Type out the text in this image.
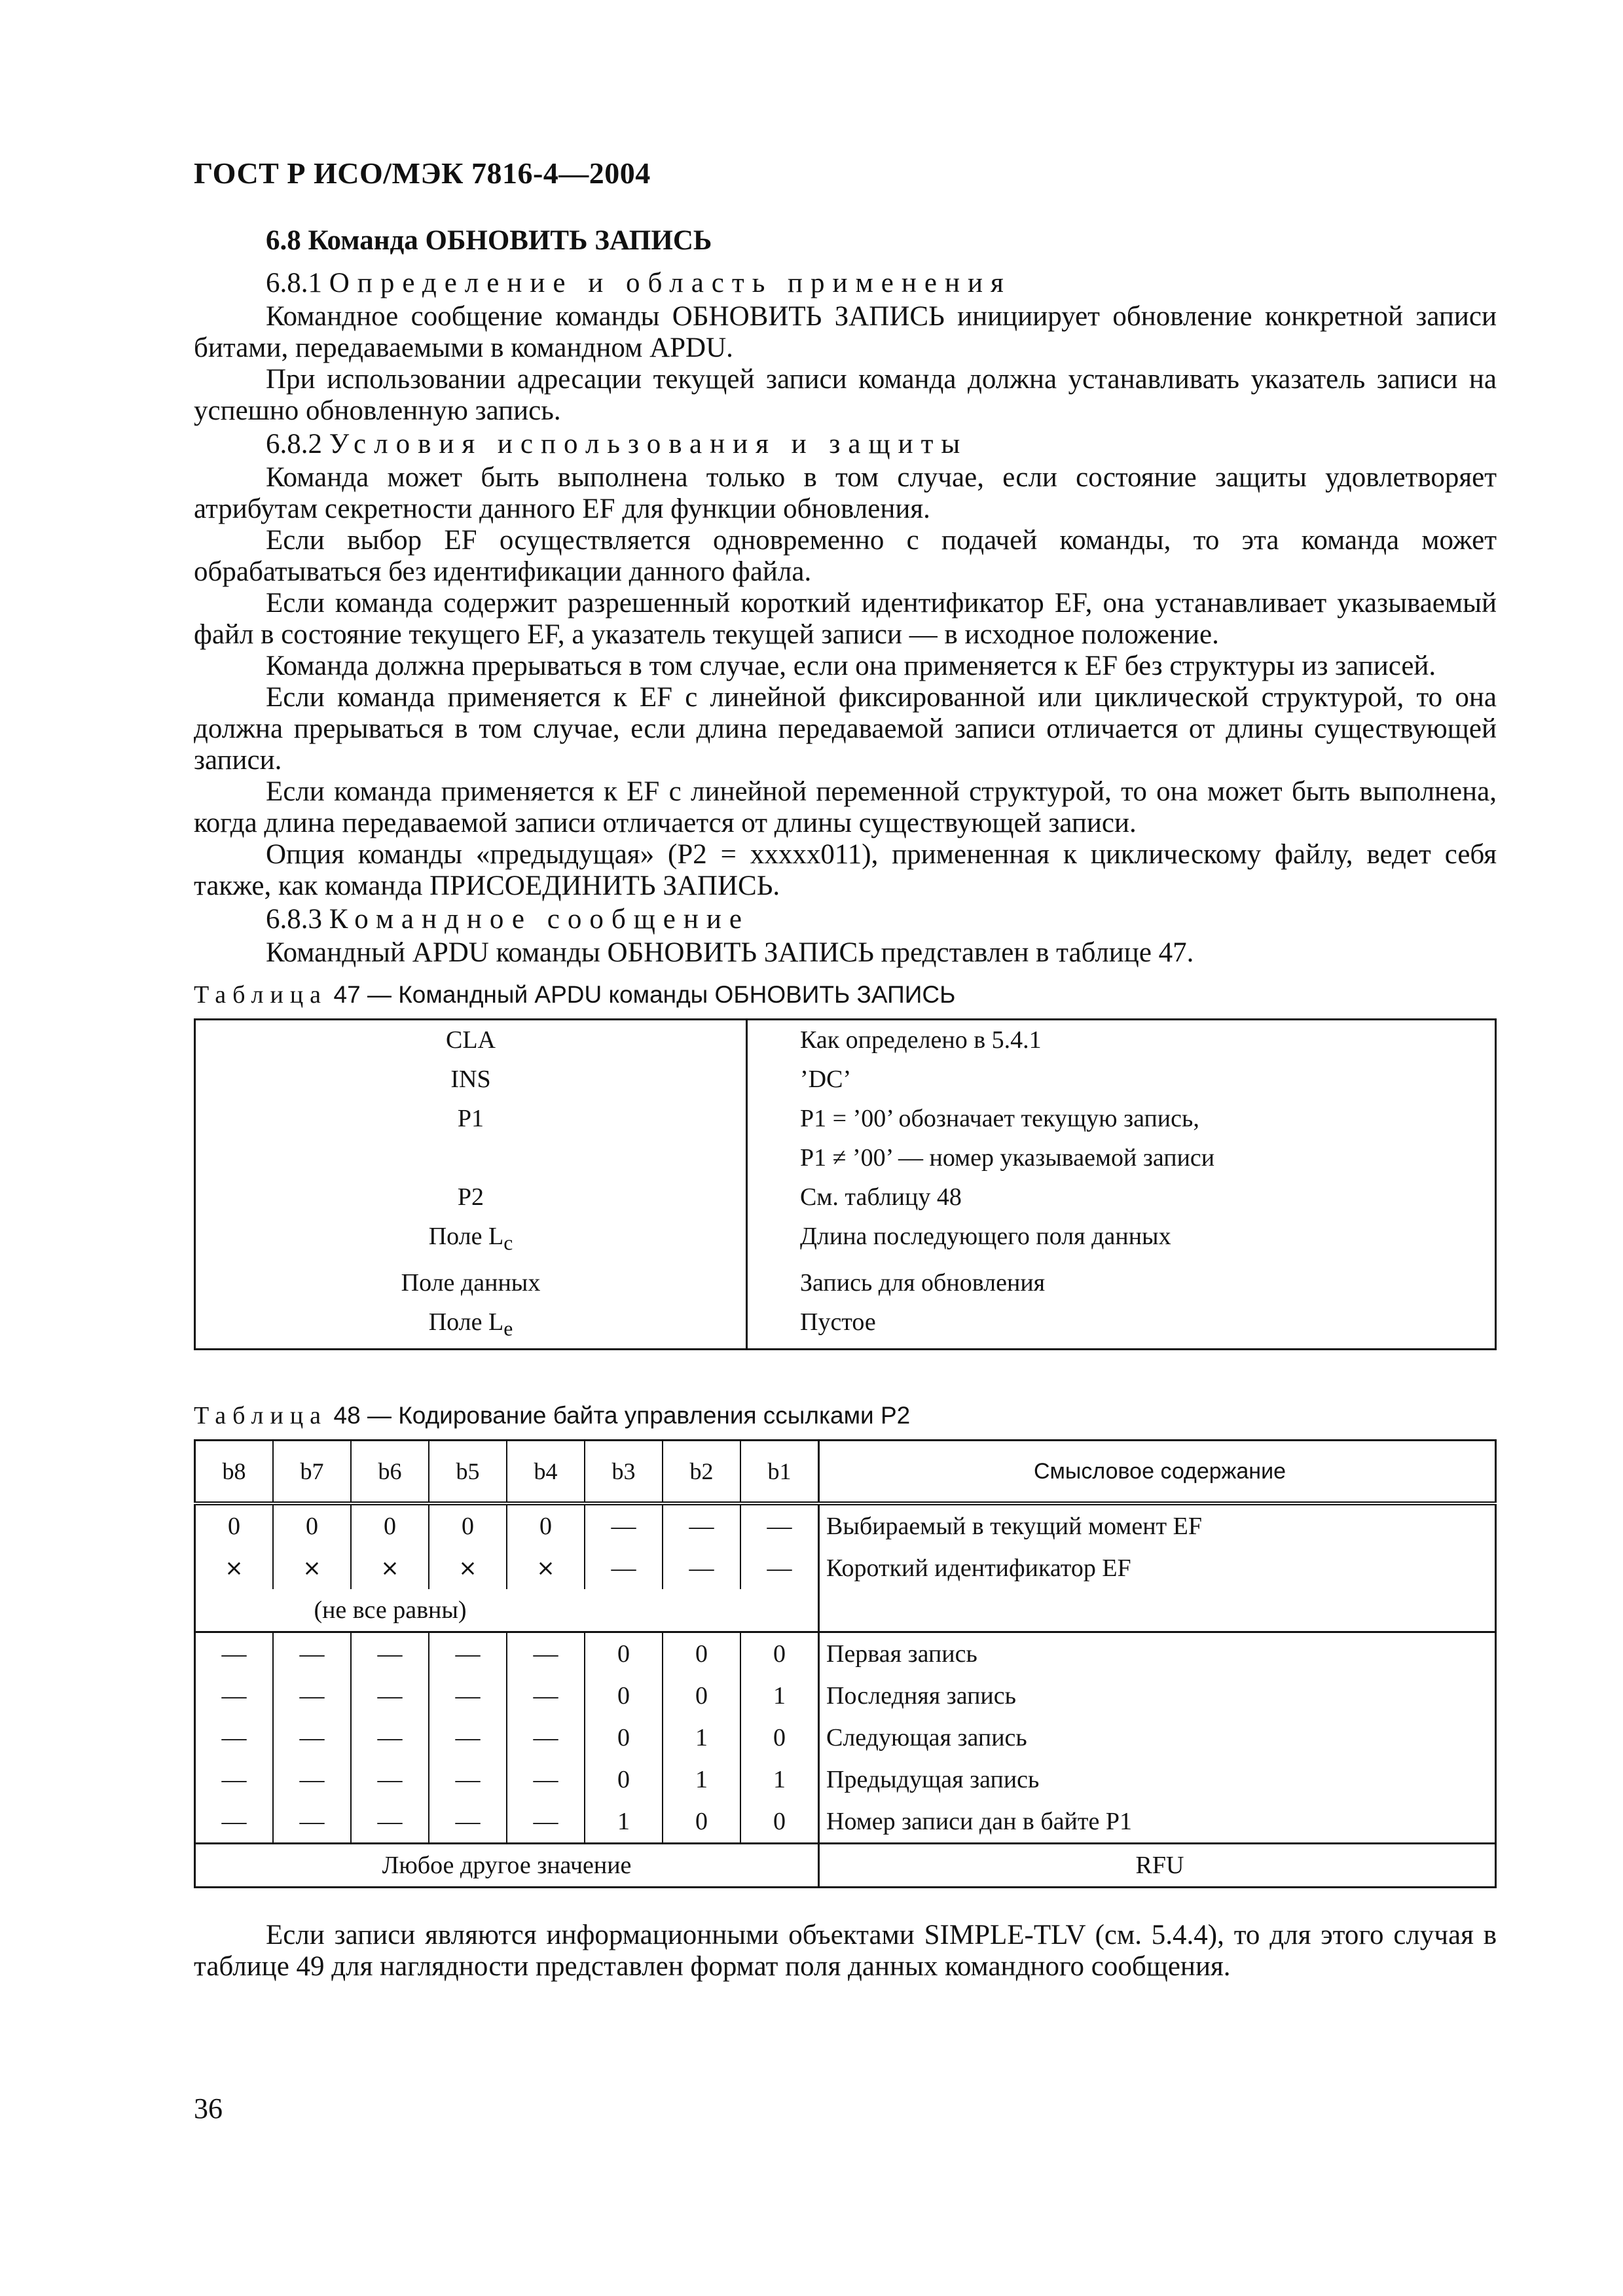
ГОСТ Р ИСО/МЭК 7816-4—2004
6.8 Команда ОБНОВИТЬ ЗАПИСЬ
6.8.1 Определение и область применения

Командное сообщение команды ОБНОВИТЬ ЗАПИСЬ инициирует обновление конкретной записи битами, передаваемыми в командном APDU.

При использовании адресации текущей записи команда должна устанавливать указатель записи на успешно обновленную запись.

6.8.2 Условия использования и защиты

Команда может быть выполнена только в том случае, если состояние защиты удовлетворяет атрибутам секретности данного EF для функции обновления.

Если выбор EF осуществляется одновременно с подачей команды, то эта команда может обрабатываться без идентификации данного файла.

Если команда содержит разрешенный короткий идентификатор EF, она устанавливает указываемый файл в состояние текущего EF, а указатель текущей записи — в исходное положение.

Команда должна прерываться в том случае, если она применяется к EF без структуры из записей.

Если команда применяется к EF с линейной фиксированной или циклической структурой, то она должна прерываться в том случае, если длина передаваемой записи отличается от длины существующей записи.

Если команда применяется к EF с линейной переменной структурой, то она может быть выполнена, когда длина передаваемой записи отличается от длины существующей записи.

Опция команды «предыдущая» (P2 = xxxxx011), примененная к циклическому файлу, ведет себя также, как команда ПРИСОЕДИНИТЬ ЗАПИСЬ.

6.8.3 Командное сообщение

Командный APDU команды ОБНОВИТЬ ЗАПИСЬ представлен в таблице 47.

Таблица 47 — Командный APDU команды ОБНОВИТЬ ЗАПИСЬ
CLA	Как определено в 5.4.1
INS	’DC’
P1	P1 = ’00’ обозначает текущую запись,
	P1 ≠ ’00’ — номер указываемой записи
P2	См. таблицу 48
Поле $L_c$	Длина последующего поля данных
Поле данных	Запись для обновления
Поле $L_e$	Пустое
Таблица 48 — Кодирование байта управления ссылками P2
b8	b7	b6	b5	b4	b3	b2	b1	Смысловое содержание
0	0	0	0	0	—	—	—	Выбираемый в текущий момент EF
×	×	×	×	×	—	—	—	Короткий идентификатор EF
(не все равны)								
—	—	—	—	—	0	0	0	Первая запись
—	—	—	—	—	0	0	1	Последняя запись
—	—	—	—	—	0	1	0	Следующая запись
—	—	—	—	—	0	1	1	Предыдущая запись
—	—	—	—	—	1	0	0	Номер записи дан в байте P1
Любое другое значение								RFU

Если записи являются информационными объектами SIMPLE-TLV (см. 5.4.4), то для этого случая в таблице 49 для наглядности представлен формат поля данных командного сообщения.

36
